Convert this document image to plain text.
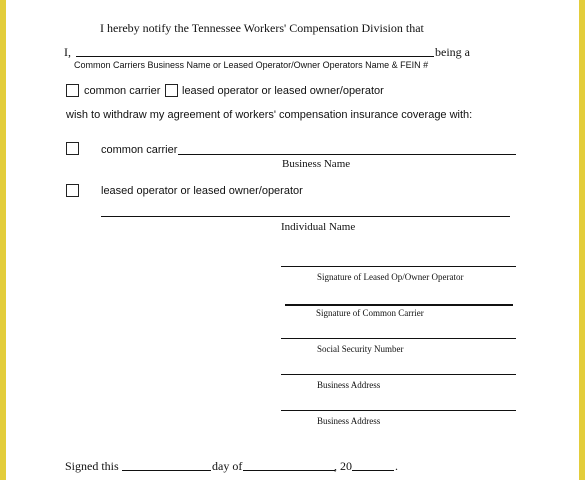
I hereby notify the Tennessee Workers' Compensation Division that
I,	being a
Common Carriers Business Name or Leased Operator/Owner Operators Name & FEIN #
common carrier leased operator or leased owner/operator
wish to withdraw my agreement of workers' compensation insurance coverage with:
common carrier
Business Name
leased operator or leased owner/operator
Individual Name
Signature of Leased Op/Owner Operator
Signature of Common Carrier
Social Security Number
Business Address
Business Address
Signed this	day of	, 20	.
